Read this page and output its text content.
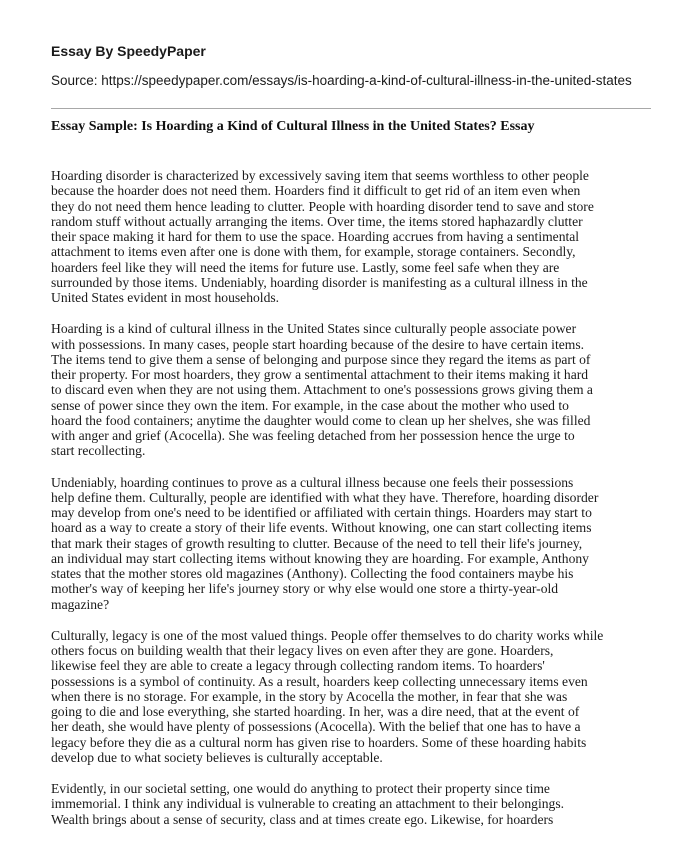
Essay By SpeedyPaper
Source: https://speedypaper.com/essays/is-hoarding-a-kind-of-cultural-illness-in-the-united-states
Essay Sample: Is Hoarding a Kind of Cultural Illness in the United States? Essay

Hoarding disorder is characterized by excessively saving item that seems worthless to other people
because the hoarder does not need them. Hoarders find it difficult to get rid of an item even when
they do not need them hence leading to clutter. People with hoarding disorder tend to save and store
random stuff without actually arranging the items. Over time, the items stored haphazardly clutter
their space making it hard for them to use the space. Hoarding accrues from having a sentimental
attachment to items even after one is done with them, for example, storage containers. Secondly,
hoarders feel like they will need the items for future use. Lastly, some feel safe when they are
surrounded by those items. Undeniably, hoarding disorder is manifesting as a cultural illness in the
United States evident in most households.

Hoarding is a kind of cultural illness in the United States since culturally people associate power
with possessions. In many cases, people start hoarding because of the desire to have certain items.
The items tend to give them a sense of belonging and purpose since they regard the items as part of
their property. For most hoarders, they grow a sentimental attachment to their items making it hard
to discard even when they are not using them. Attachment to one's possessions grows giving them a
sense of power since they own the item. For example, in the case about the mother who used to
hoard the food containers; anytime the daughter would come to clean up her shelves, she was filled
with anger and grief (Acocella). She was feeling detached from her possession hence the urge to
start recollecting.

Undeniably, hoarding continues to prove as a cultural illness because one feels their possessions
help define them. Culturally, people are identified with what they have. Therefore, hoarding disorder
may develop from one's need to be identified or affiliated with certain things. Hoarders may start to
hoard as a way to create a story of their life events. Without knowing, one can start collecting items
that mark their stages of growth resulting to clutter. Because of the need to tell their life's journey,
an individual may start collecting items without knowing they are hoarding. For example, Anthony
states that the mother stores old magazines (Anthony). Collecting the food containers maybe his
mother's way of keeping her life's journey story or why else would one store a thirty-year-old
magazine?

Culturally, legacy is one of the most valued things. People offer themselves to do charity works while
others focus on building wealth that their legacy lives on even after they are gone. Hoarders,
likewise feel they are able to create a legacy through collecting random items. To hoarders'
possessions is a symbol of continuity. As a result, hoarders keep collecting unnecessary items even
when there is no storage. For example, in the story by Acocella the mother, in fear that she was
going to die and lose everything, she started hoarding. In her, was a dire need, that at the event of
her death, she would have plenty of possessions (Acocella). With the belief that one has to have a
legacy before they die as a cultural norm has given rise to hoarders. Some of these hoarding habits
develop due to what society believes is culturally acceptable.

Evidently, in our societal setting, one would do anything to protect their property since time
immemorial. I think any individual is vulnerable to creating an attachment to their belongings.
Wealth brings about a sense of security, class and at times create ego. Likewise, for hoarders
